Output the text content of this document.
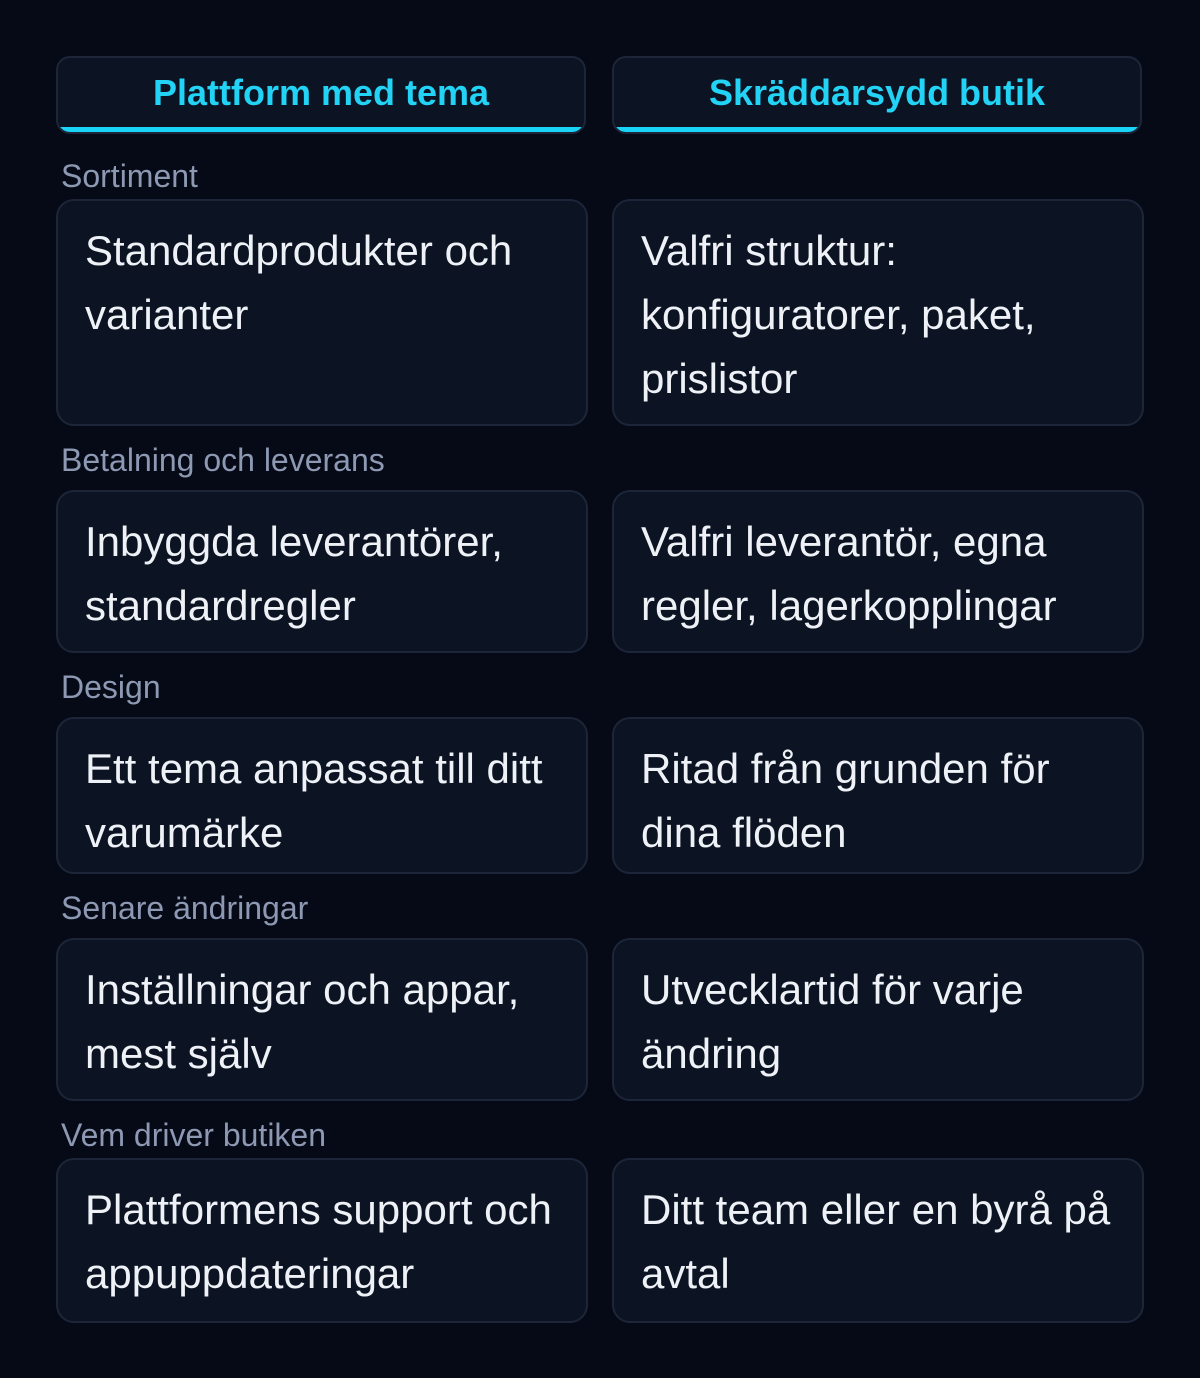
Plattform med tema	Skräddarsydd butik

Sortiment

Standardprodukter och varianter

Valfri struktur: konfiguratorer, paket, prislistor

Betalning och leverans

Inbyggda leverantörer, standardregler

Valfri leverantör, egna regler, lagerkopplingar

Design

Ett tema anpassat till ditt varumärke

Ritad från grunden för dina flöden

Senare ändringar

Inställningar och appar, mest själv

Utvecklartid för varje ändring

Vem driver butiken

Plattformens support och appuppdateringar

Ditt team eller en byrå på avtal
